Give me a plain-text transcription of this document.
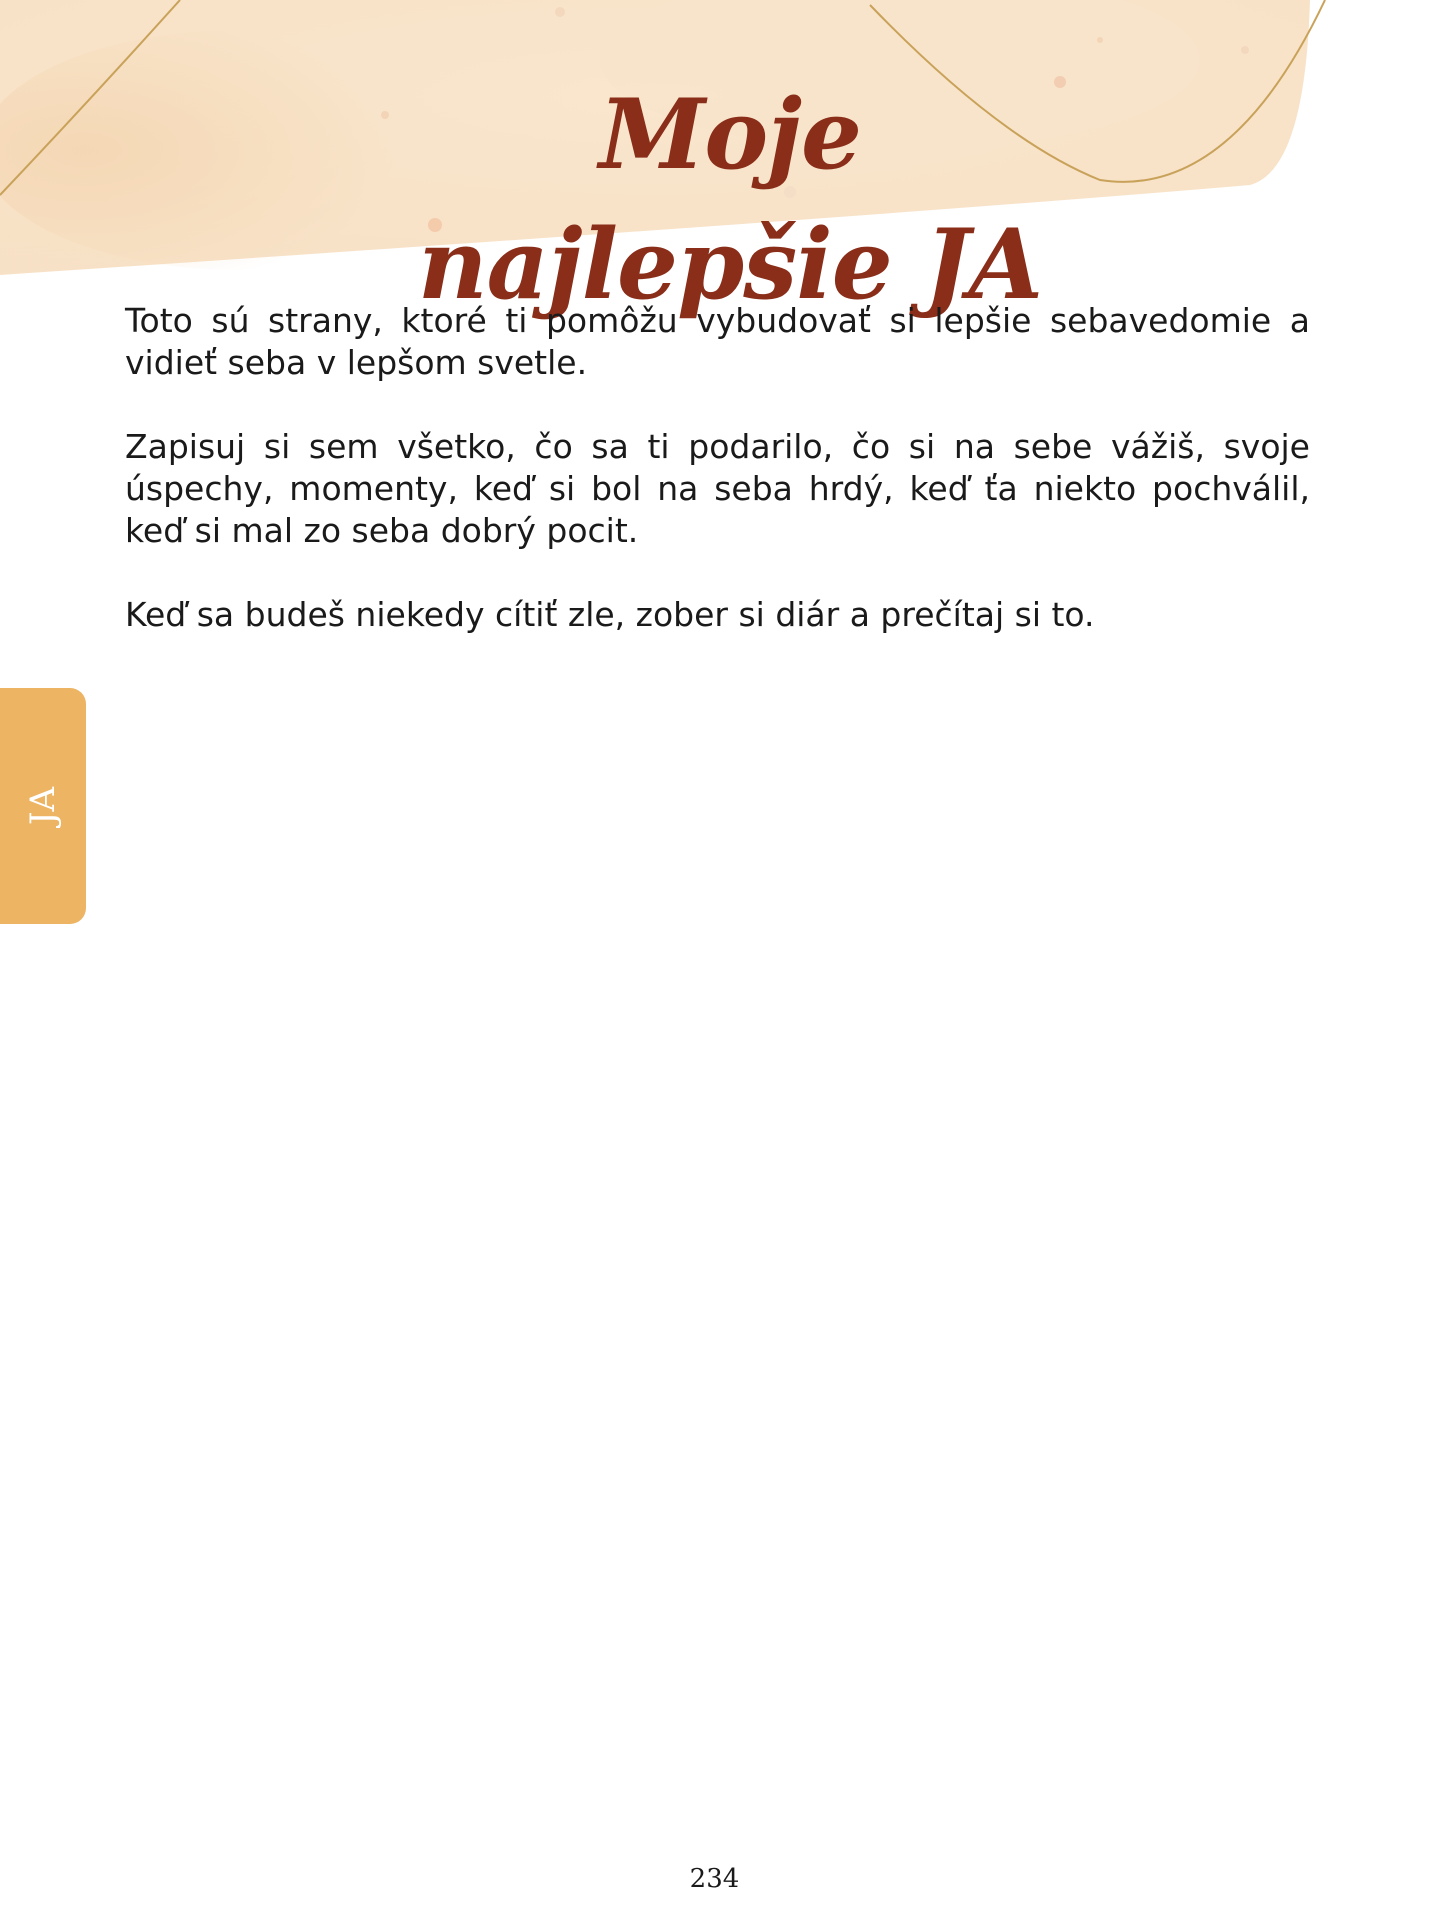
Moje najlepšie JA

Toto sú strany, ktoré ti pomôžu vybudovať si lepšie sebavedomie a vidieť seba v lepšom svetle.

Zapisuj si sem všetko, čo sa ti podarilo, čo si na sebe vážiš, svoje úspechy, momenty, keď si bol na seba hrdý, keď ťa niekto pochválil, keď si mal zo seba dobrý pocit.

Keď sa budeš niekedy cítiť zle, zober si diár a prečítaj si to.

JA
234
